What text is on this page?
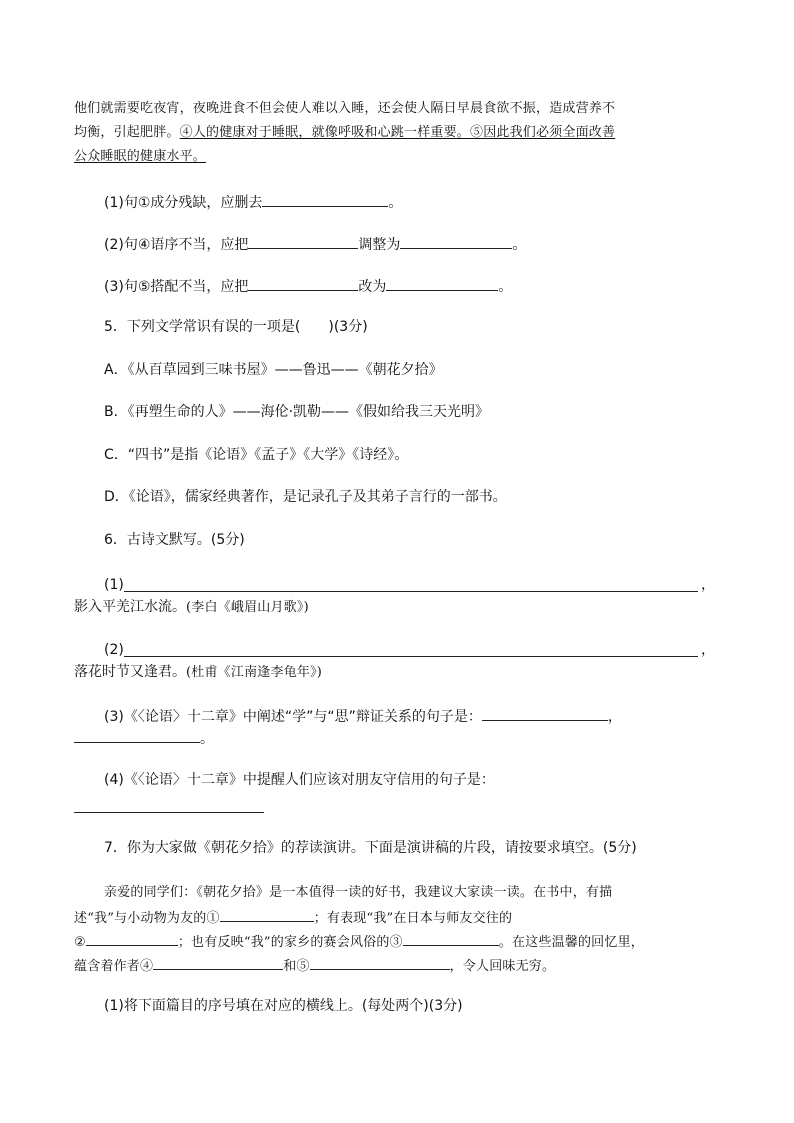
他们就需要吃夜宵，夜晚进食不但会使人难以入睡，还会使人隔日早晨食欲不振，造成营养不
均衡，引起肥胖。④人的健康对于睡眠，就像呼吸和心跳一样重要。⑤因此我们必须全面改善
公众睡眠的健康水平。
(1)句①成分残缺，应删去	。
(2)句④语序不当，应把	调整为	。
(3)句⑤搭配不当，应把	改为	。
5．下列文学常识有误的一项是(　　)(3分)
A．《从百草园到三味书屋》——鲁迅——《朝花夕拾》
B．《再塑生命的人》——海伦·凯勒——《假如给我三天光明》
C．“四书”是指《论语》《孟子》《大学》《诗经》。
D．《论语》，儒家经典著作，是记录孔子及其弟子言行的一部书。
6．古诗文默写。(5分)
(1)	，
影入平羌江水流。(李白《峨眉山月歌》)
(2)	，
落花时节又逢君。(杜甫《江南逢李龟年》)
(3)《〈论语〉十二章》中阐述“学”与“思”辩证关系的句子是：	，
。
(4)《〈论语〉十二章》中提醒人们应该对朋友守信用的句子是：
7．你为大家做《朝花夕拾》的荐读演讲。下面是演讲稿的片段，请按要求填空。(5分)
亲爱的同学们：《朝花夕拾》是一本值得一读的好书，我建议大家读一读。在书中，有描
述“我”与小动物为友的①	；有表现“我”在日本与师友交往的
②	；也有反映“我”的家乡的赛会风俗的③	。在这些温馨的回忆里，
蕴含着作者④	和⑤	，令人回味无穷。
(1)将下面篇目的序号填在对应的横线上。(每处两个)(3分)
